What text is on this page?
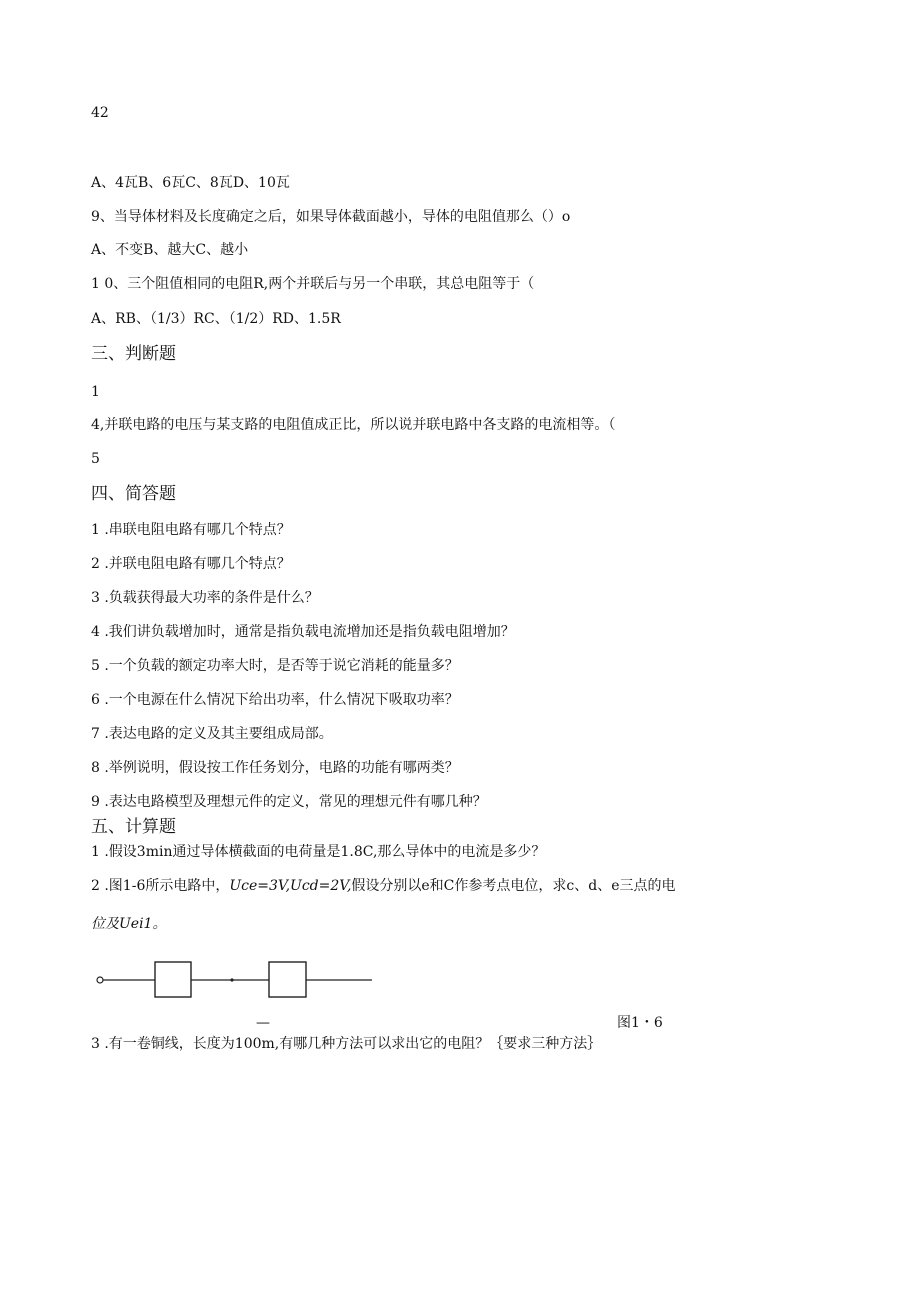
42
A、4瓦B、6瓦C、8瓦D、10瓦
9、当导体材料及长度确定之后，如果导体截面越小，导体的电阻值那么（）o
A、不变B、越大C、越小
1 0、三个阻值相同的电阻R,两个并联后与另一个串联，其总电阻等于（
A、RB、（1/3）RC、（1/2）RD、1.5R
三、判断题
1
4,并联电路的电压与某支路的电阻值成正比，所以说并联电路中各支路的电流相等。（
5
四、简答题
1 .串联电阻电路有哪几个特点？
2 .并联电阻电路有哪几个特点？
3 .负载获得最大功率的条件是什么？
4 .我们讲负载增加时，通常是指负载电流增加还是指负载电阻增加？
5 .一个负载的额定功率大时，是否等于说它消耗的能量多？
6 .一个电源在什么情况下给出功率，什么情况下吸取功率？
7 .表达电路的定义及其主要组成局部。
8 .举例说明，假设按工作任务划分，电路的功能有哪两类？
9 .表达电路模型及理想元件的定义，常见的理想元件有哪几种？
五、计算题
1 .假设3min通过导体横截面的电荷量是1.8C,那么导体中的电流是多少？
2 .图1-6所示电路中，Uce=3V,Ucd=2V,假设分别以e和C作参考点电位，求c、d、e三点的电
位及Uei1。
—	图1・6
3 .有一卷铜线，长度为100m,有哪几种方法可以求出它的电阻？｛要求三种方法｝
